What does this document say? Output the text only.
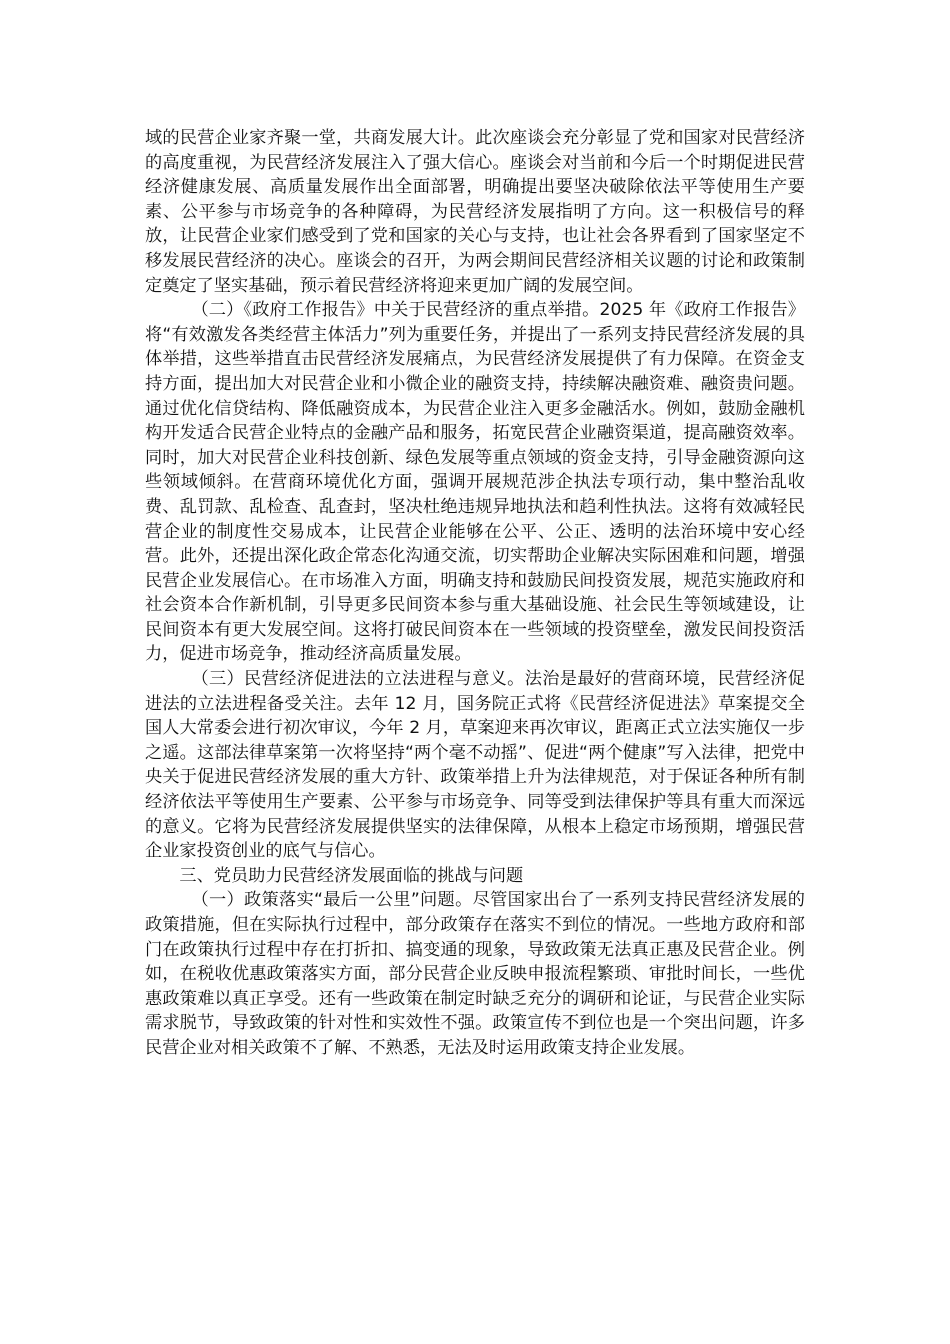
域的民营企业家齐聚一堂，共商发展大计。此次座谈会充分彰显了党和国家对民营经济的高度重视，为民营经济发展注入了强大信心。座谈会对当前和今后一个时期促进民营经济健康发展、高质量发展作出全面部署，明确提出要坚决破除依法平等使用生产要素、公平参与市场竞争的各种障碍，为民营经济发展指明了方向。这一积极信号的释放，让民营企业家们感受到了党和国家的关心与支持，也让社会各界看到了国家坚定不移发展民营经济的决心。座谈会的召开，为两会期间民营经济相关议题的讨论和政策制定奠定了坚实基础，预示着民营经济将迎来更加广阔的发展空间。

（二）《政府工作报告》中关于民营经济的重点举措。2025 年《政府工作报告》将“有效激发各类经营主体活力”列为重要任务，并提出了一系列支持民营经济发展的具体举措，这些举措直击民营经济发展痛点，为民营经济发展提供了有力保障。在资金支持方面，提出加大对民营企业和小微企业的融资支持，持续解决融资难、融资贵问题。通过优化信贷结构、降低融资成本，为民营企业注入更多金融活水。例如，鼓励金融机构开发适合民营企业特点的金融产品和服务，拓宽民营企业融资渠道，提高融资效率。同时，加大对民营企业科技创新、绿色发展等重点领域的资金支持，引导金融资源向这些领域倾斜。在营商环境优化方面，强调开展规范涉企执法专项行动，集中整治乱收费、乱罚款、乱检查、乱查封，坚决杜绝违规异地执法和趋利性执法。这将有效减轻民营企业的制度性交易成本，让民营企业能够在公平、公正、透明的法治环境中安心经营。此外，还提出深化政企常态化沟通交流，切实帮助企业解决实际困难和问题，增强民营企业发展信心。在市场准入方面，明确支持和鼓励民间投资发展，规范实施政府和社会资本合作新机制，引导更多民间资本参与重大基础设施、社会民生等领域建设，让民间资本有更大发展空间。这将打破民间资本在一些领域的投资壁垒，激发民间投资活力，促进市场竞争，推动经济高质量发展。

（三）民营经济促进法的立法进程与意义。法治是最好的营商环境，民营经济促进法的立法进程备受关注。去年 12 月，国务院正式将《民营经济促进法》草案提交全国人大常委会进行初次审议，今年 2 月，草案迎来再次审议，距离正式立法实施仅一步之遥。这部法律草案第一次将坚持“两个毫不动摇”、促进“两个健康”写入法律，把党中央关于促进民营经济发展的重大方针、政策举措上升为法律规范，对于保证各种所有制经济依法平等使用生产要素、公平参与市场竞争、同等受到法律保护等具有重大而深远的意义。它将为民营经济发展提供坚实的法律保障，从根本上稳定市场预期，增强民营企业家投资创业的底气与信心。

三、党员助力民营经济发展面临的挑战与问题

（一）政策落实“最后一公里”问题。尽管国家出台了一系列支持民营经济发展的政策措施，但在实际执行过程中，部分政策存在落实不到位的情况。一些地方政府和部门在政策执行过程中存在打折扣、搞变通的现象，导致政策无法真正惠及民营企业。例如，在税收优惠政策落实方面，部分民营企业反映申报流程繁琐、审批时间长，一些优惠政策难以真正享受。还有一些政策在制定时缺乏充分的调研和论证，与民营企业实际需求脱节，导致政策的针对性和实效性不强。政策宣传不到位也是一个突出问题，许多民营企业对相关政策不了解、不熟悉，无法及时运用政策支持企业发展。
